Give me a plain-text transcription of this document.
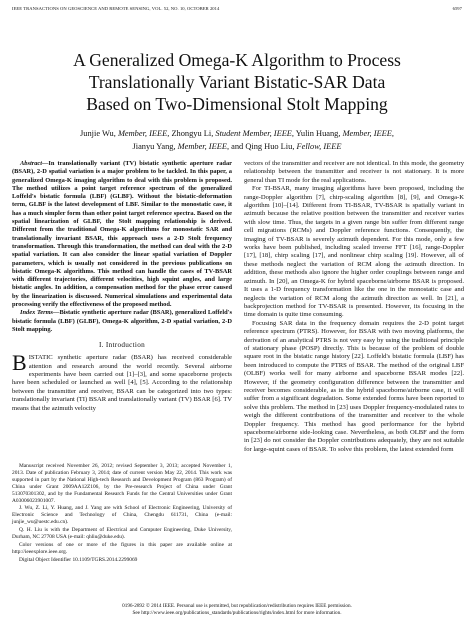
IEEE TRANSACTIONS ON GEOSCIENCE AND REMOTE SENSING, VOL. 52, NO. 10, OCTOBER 2014	6597
A Generalized Omega-K Algorithm to Process
Translationally Variant Bistatic-SAR Data
Based on Two-Dimensional Stolt Mapping
Junjie Wu, Member, IEEE, Zhongyu Li, Student Member, IEEE, Yulin Huang, Member, IEEE,
Jianyu Yang, Member, IEEE, and Qing Huo Liu, Fellow, IEEE

Abstract—In translationally variant (TV) bistatic synthetic aperture radar (BSAR), 2-D spatial variation is a major problem to be tackled. In this paper, a generalized Omega-K imaging algorithm to deal with this problem is proposed. The method utilizes a point target reference spectrum of the generalized Loffeld's bistatic formula (LBF) (GLBF). Without the bistatic-deformation term, GLBF is the latest development of LBF. Similar to the monostatic case, it has a much simpler form than other point target reference spectra. Based on the spatial linearization of GLBF, the Stolt mapping relationship is derived. Different from the traditional Omega-K algorithms for monostatic SAR and translationally invariant BSAR, this approach uses a 2-D Stolt frequency transformation. Through this transformation, the method can deal with the 2-D spatial variation. It can also consider the linear spatial variation of Doppler parameters, which is usually not considered in the previous publications on bistatic Omega-K algorithms. This method can handle the cases of TV-BSAR with different trajectories, different velocities, high squint angles, and large bistatic angles. In addition, a compensation method for the phase error caused by the linearization is discussed. Numerical simulations and experimental data processing verify the effectiveness of the proposed method.

Index Terms—Bistatic synthetic aperture radar (BSAR), generalized Loffeld's bistatic formula (LBF) (GLBF), Omega-K algorithm, 2-D spatial variation, 2-D Stolt mapping.

I. Introduction

BISTATIC synthetic aperture radar (BSAR) has received considerable attention and research around the world recently. Several airborne experiments have been carried out [1]–[3], and some spaceborne projects have been scheduled or launched as well [4], [5]. According to the relationship between the transmitter and receiver, BSAR can be categorized into two types: translationally invariant (TI) BSAR and translationally variant (TV) BSAR [6]. TV means that the azimuth velocity

Manuscript received November 26, 2012; revised September 3, 2013; accepted November 1, 2013. Date of publication February 3, 2014; date of current version May 22, 2014. This work was supported in part by the National High-tech Research and Development Program (863 Program) of China under Grant 2009AA12Z106, by the Pre-research Project of China under Grant 513070301302, and by the Fundamental Research Funds for the Central Universities under Grant A03006023901007.

J. Wu, Z. Li, Y. Huang, and J. Yang are with School of Electronic Engineering, University of Electronic Science and Technology of China, Chengdu 611731, China (e-mail: junjie_wu@uestc.edu.cn).

Q. H. Liu is with the Department of Electrical and Computer Engineering, Duke University, Durham, NC 27708 USA (e-mail: qhliu@duke.edu).

Color versions of one or more of the figures in this paper are available online at http://ieeexplore.ieee.org.

Digital Object Identifier 10.1109/TGRS.2014.2299069

vectors of the transmitter and receiver are not identical. In this mode, the geometry relationship between the transmitter and receiver is not stationary. It is more general than TI mode for the real applications.

For TI-BSAR, many imaging algorithms have been proposed, including the range-Doppler algorithm [7], chirp-scaling algorithm [8], [9], and Omega-K algorithm [10]–[14]. Different from TI-BSAR, TV-BSAR is spatially variant in azimuth because the relative position between the transmitter and receiver varies with slow time. Thus, the targets in a given range bin suffer from different range cell migrations (RCMs) and Doppler reference functions. Consequently, the imaging of TV-BSAR is severely azimuth dependent. For this mode, only a few works have been published, including scaled inverse FFT [16], range-Doppler [17], [18], chirp scaling [17], and nonlinear chirp scaling [19]. However, all of these methods neglect the variation of RCM along the azimuth direction. In addition, these methods also ignore the higher order couplings between range and azimuth. In [20], an Omega-K for hybrid spaceborne/airborne BSAR is proposed. It uses a 1-D frequency transformation like the one in the monostatic case and neglects the variation of RCM along the azimuth direction as well. In [21], a backprojection method for TV-BSAR is presented. However, its focusing in the time domain is quite time consuming.

Focusing SAR data in the frequency domain requires the 2-D point target reference spectrum (PTRS). However, for BSAR with two moving platforms, the derivation of an analytical PTRS is not very easy by using the traditional principle of stationary phase (POSP) directly. This is because of the problem of double square root in the bistatic range history [22]. Loffeld's bistatic formula (LBF) has been introduced to compute the PTRS of BSAR. The method of the original LBF (OLBF) works well for many airborne and spaceborne BSAR modes [22]. However, if the geometry configuration difference between the transmitter and receiver becomes considerable, as in the hybrid spaceborne/airborne case, it will suffer from a significant degradation. Some extended forms have been reported to solve this problem. The method in [23] uses Doppler frequency-modulated rates to weigh the different contributions of the transmitter and receiver to the whole Doppler frequency. This method has good performance for the hybrid spaceborne/airborne side-looking case. Nevertheless, as both OLBF and the form in [23] do not consider the Doppler contributions adequately, they are not suitable for large-squint cases of BSAR. To solve this problem, the latest extended form

0196-2892 © 2014 IEEE. Personal use is permitted, but republication/redistribution requires IEEE permission.
See http://www.ieee.org/publications_standards/publications/rights/index.html for more information.
